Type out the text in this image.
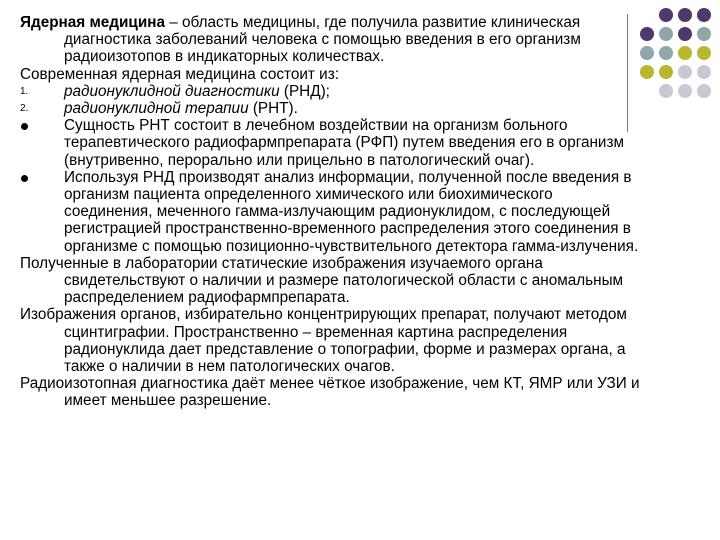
Ядерная медицина – область медицины, где получила развитие клиническая диагностика заболеваний человека с помощью введения в его организм радиоизотопов в индикаторных количествах.

Современная ядерная медицина состоит из:

1. радионуклидной диагностики (РНД);

2. радионуклидной терапии (РНТ).

Сущность РНТ состоит в лечебном воздействии на организм больного терапевтического радиофармпрепарата (РФП) путем введения его в организм (внутривенно, перорально или прицельно в патологический очаг).

Используя РНД производят анализ информации, полученной после введения в организм пациента определенного химического или биохимического соединения, меченного гамма-излучающим радионуклидом, с последующей регистрацией пространственно-временного распределения этого соединения в организме с помощью позиционно-чувствительного детектора гамма-излучения.

Полученные в лаборатории статические изображения изучаемого органа свидетельствуют о наличии и размере патологической области с аномальным распределением радиофармпрепарата.

Изображения органов, избирательно концентрирующих препарат, получают методом сцинтиграфии. Пространственно – временная картина распределения радионуклида дает представление о топографии, форме и размерах органа, а также о наличии в нем патологических очагов.

Радиоизотопная диагностика даёт менее чёткое изображение, чем КТ, ЯМР или УЗИ и имеет меньшее разрешение.
